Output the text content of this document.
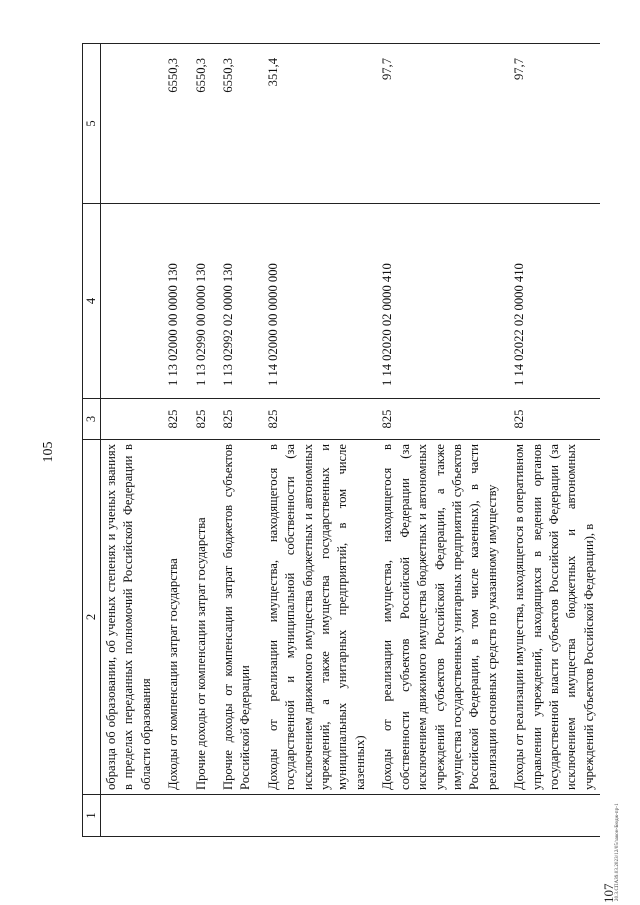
105
1	2	3	4	5
	образца об образовании, об ученых степенях и ученых званиях в пределах переданных полномочий Российской Федерации в области образования			
	Доходы от компенсации затрат государства	825	1 13 02000 00 0000 130	6550,3
	Прочие доходы от компенсации затрат государства	825	1 13 02990 00 0000 130	6550,3
	Прочие доходы от компенсации затрат бюджетов субъектов Российской Федерации	825	1 13 02992 02 0000 130	6550,3
	Доходы от реализации имущества, находящегося в государственной и муниципальной собственности (за исключением движимого имущества бюджетных и автономных учреждений, а также имущества государственных и муниципальных унитарных предприятий, в том числе казенных)	825	1 14 02000 00 0000 000	351,4
	Доходы от реализации имущества, находящегося в собственности субъектов Российской Федерации (за исключением движимого имущества бюджетных и автономных учреждений субъектов Российской Федерации, а также имущества государственных унитарных предприятий субъектов Российской Федерации, в том числе казенных), в части реализации основных средств по указанному имуществу	825	1 14 02020 02 0000 410	97,7
	Доходы от реализации имущества, находящегося в оперативном управлении учреждений, находящихся в ведении органов государственной власти субъектов Российской Федерации (за исключением имущества бюджетных и автономных учреждений субъектов Российской Федерации), в	825	1 14 02022 02 0000 410	97,7
107 20.3.СПАЗ9.03.2023/12/05/закон-Бюдж-пр-1
